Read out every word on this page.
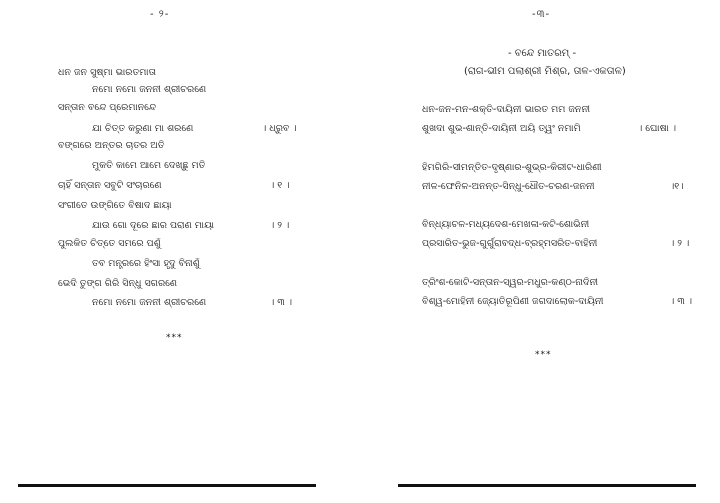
- ୨-
ଧନ ଜନ ସୁଷ୍ମା ଭାରତମାତା
ନମୋ ନମୋ ଜନନୀ ଶ୍ରୀଚରଣେ
ସନ୍ତାନ ବନ୍ଦେ ପ୍ରେମାନନ୍ଦେ
ଯା ଚିତ୍ତ କରୁଣା ମା ଶରଣେ	। ଧ୍ରୁବ ।
ବଙ୍ଗରେ ଅନ୍ତର ଚାତର ଅତି
ମୁକତି କାମେ ଆମେ ଦେଖ୍ଛୁ ମତି
ଚାହିଁ ସନ୍ତାନ ସବୁଟି ସଂଚାରଣେ	। ୧ ।
ସଂଗୀତେ ଉଙ୍ଗିତେ ବିଷାଦ ଛାୟା
ଯାଉ ଗୋ ଦୂରେ ଛାର ପରାଣ ମାୟା	। ୨ ।
ପୁଲକିତ ଚିତ୍ତେ ସମରେ ପଶୁଁ
ତବ ମନ୍ତ୍ରରେ ହିଂସା ହୃଦୁ ବିନାଶୁଁ
ଭେଦି ତୁଙ୍ଗ ଗିରି ସିନ୍ଧୁ ସଗରଣେ
ନମୋ ନମୋ ଜନନୀ ଶ୍ରୀଚରଣେ	। ୩ ।
***
-୩-
- ବନ୍ଦେ ମାତରମ୍ -
(ରାଗ-ଭୀମ ପଲାଶ୍ରୀ ମିଶ୍ର, ତାଳ-ଏକତାଳ)
ଧନ-ଜନ-ମନ-ଶକ୍ତି-ଦାୟିନୀ ଭାରତ ମମ ଜନନୀ
ଶୁଖଦା ଶୁଭ-ଶାନ୍ତି-ଦାୟିନୀ ଅୟି ତ୍ୱଂ ନମାମି	। ଘୋଷା ।
ହିମଗିରି-ସୀମନ୍ତିତ-ଦୃଷ୍ଣାର-ଶୁଭ୍ର-କିରୀଟ-ଧାରିଣୀ
ନୀଳ-ଫେନିଳ-ଅନନ୍ତ-ସିନ୍ଧୁ-ଧୌତ-ଚରଣ-ଜନନୀ	।୧।
ବିନ୍ଧ୍ୟାଚଳ-ମଧ୍ୟଦେଶ-ମେଖଳା-କଟି-ଶୋଭିନୀ
ପ୍ରସାରିତ-ଭୁଜ-ଗୁର୍ଗୁରାବଦ୍ଧ-ବ୍ରହ୍ମସରିତ-ବାହିନୀ	। ୨ ।
ତ୍ରିଂଶ-କୋଟି-ସନ୍ତାନ-ସ୍ୱର-ମଧୁର-କଣ୍ଠ-ନାଦିନୀ
ବିଶ୍ୱ-ମୋହିନୀ ଜ୍ୟୋତିରୂପିଣୀ ଜଗଦାଲୋକ-ଦାୟିନୀ	। ୩ ।
***
